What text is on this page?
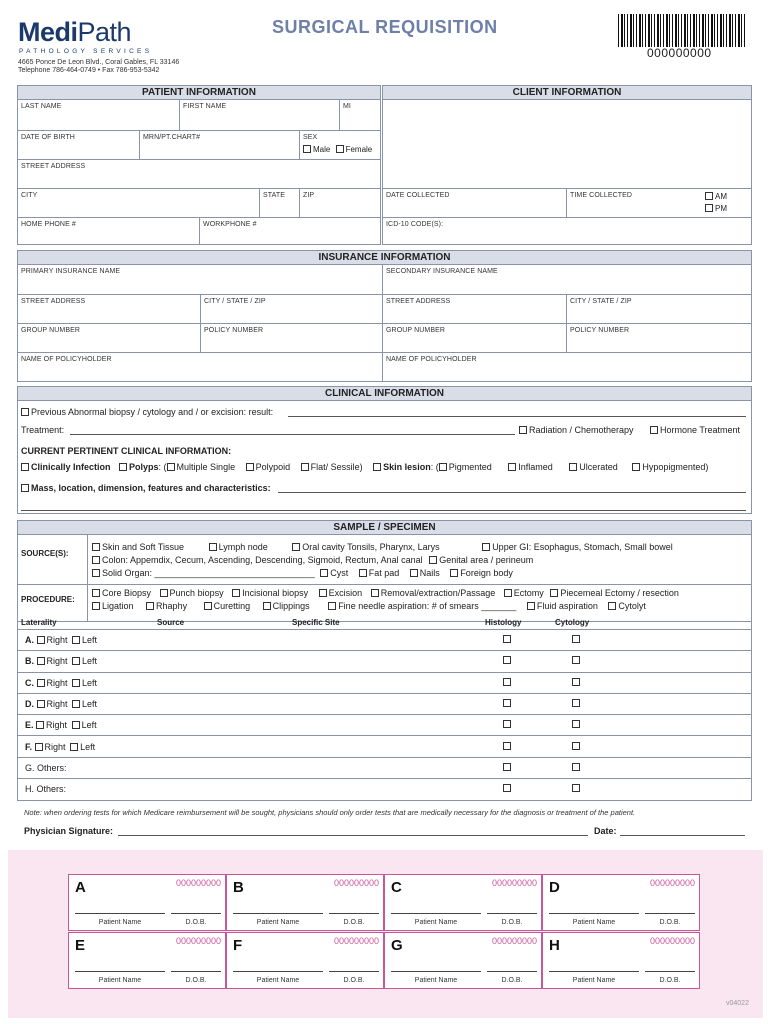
MediPath
PATHOLOGY SERVICES
4665 Ponce De Leon Blvd., Coral Gables, FL 33146
Telephone 786-464-0749 • Fax 786-953-5342
SURGICAL REQUISITION
000000000
PATIENT INFORMATION
LAST NAME	FIRST NAME	MI
DATE OF BIRTH	MRN/PT.CHART#	SEX
Male Female
STREET ADDRESS
CITY	STATE	ZIP
HOME PHONE #	WORKPHONE #
CLIENT INFORMATION
DATE COLLECTED	TIME COLLECTED	AM
PM
ICD-10 CODE(S):
INSURANCE INFORMATION
PRIMARY INSURANCE NAME	SECONDARY INSURANCE NAME
STREET ADDRESS	CITY / STATE / ZIP	STREET ADDRESS	CITY / STATE / ZIP
GROUP NUMBER	POLICY NUMBER	GROUP NUMBER	POLICY NUMBER
NAME OF POLICYHOLDER	NAME OF POLICYHOLDER
CLINICAL INFORMATION
Previous Abnormal biopsy / cytology and / or excision: result:
Treatment:	Radiation / Chemotherapy	Hormone Treatment
CURRENT PERTINENT CLINICAL INFORMATION:
Clinically Infection Polyps: ( Multiple Single Polypoid Flat/ Sessile) Skin lesion: ( Pigmented	Inflamed	Ulcerated	Hypopigmented)
Mass, location, dimension, features and characteristics:
SAMPLE / SPECIMEN
SOURCE(S):
Skin and Soft Tissue	Lymph node	Oral cavity Tonsils, Pharynx, Larys	Upper GI: Esophagus, Stomach, Small bowel
Colon: Appemdix, Cecum, Ascending, Descending, Sigmoid, Rectum, Anal canal Genital area / perineum
Solid Organ: ________________________________ Cyst Fat pad Nails Foreign body
PROCEDURE:
Core Biopsy Punch biopsy Incisional biopsy Excision Removal/extraction/Passage Ectomy Piecemeal Ectomy / resection
Ligation	Rhaphy	Curetting	Clippings	Fine needle aspiration: # of smears _______ Fluid aspiration Cytolyt
Laterality	Source	Specific Site	Histology	Cytology
A. Right Left
B. Right Left
C. Right Left
D. Right Left
E. Right Left
F. Right Left
G. Others:
H. Others:
Note: when ordering tests for which Medicare reimbursement will be sought, physicians should only order tests that are medically necessary for the diagnosis or treatment of the patient.
Physician Signature:	Date:
A	000000000
Patient Name	D.O.B.
B	000000000
Patient Name	D.O.B.
C	000000000
Patient Name	D.O.B.
D	000000000
Patient Name	D.O.B.
E	000000000
Patient Name	D.O.B.
F	000000000
Patient Name	D.O.B.
G	000000000
Patient Name	D.O.B.
H	000000000
Patient Name	D.O.B.
v04022
